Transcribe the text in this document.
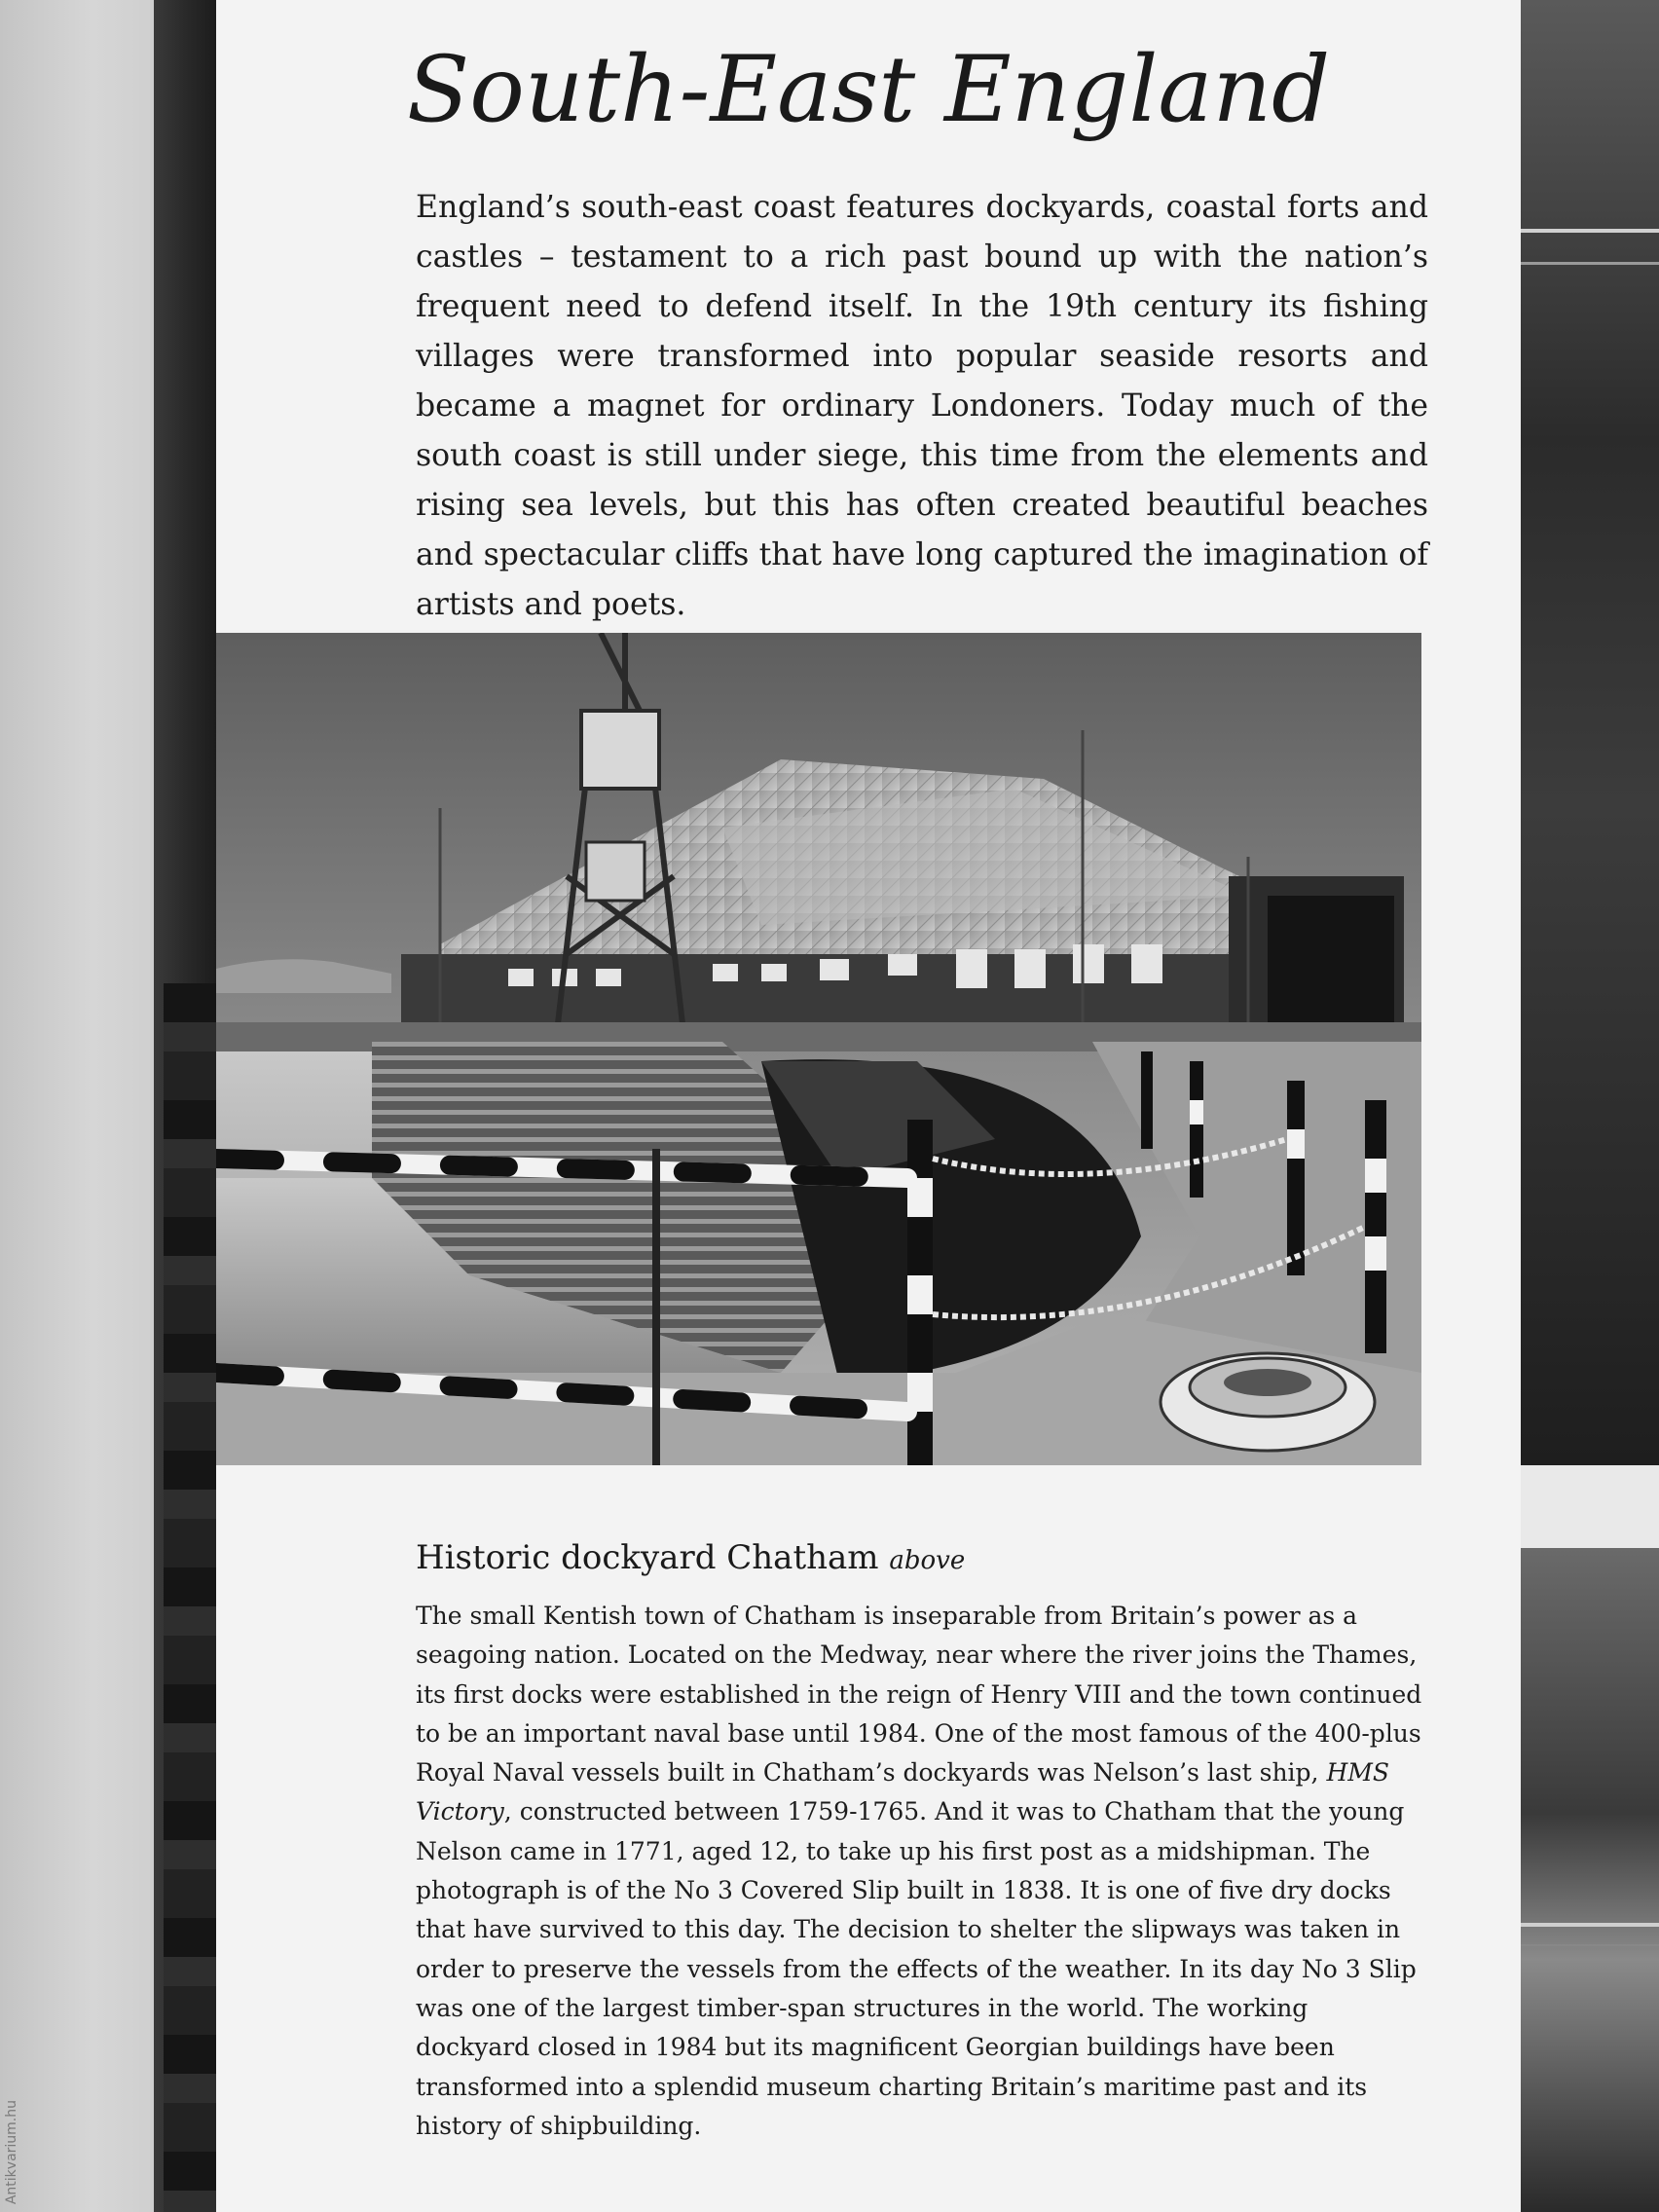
Antikvarium.hu
South-East England

England’s south-east coast features dockyards, coastal forts and castles – testament to a rich past bound up with the nation’s frequent need to defend itself. In the 19th century its fishing villages were transformed into popular seaside resorts and became a magnet for ordinary Londoners. Today much of the south coast is still under siege, this time from the elements and rising sea levels, but this has often created beautiful beaches and spectacular cliffs that have long captured the imagination of artists and poets.

Historic dockyard Chatham above

The small Kentish town of Chatham is inseparable from Britain’s power as a seagoing nation. Located on the Medway, near where the river joins the Thames, its first docks were established in the reign of Henry VIII and the town continued to be an important naval base until 1984. One of the most famous of the 400-plus Royal Naval vessels built in Chatham’s dockyards was Nelson’s last ship, HMS Victory, constructed between 1759-1765. And it was to Chatham that the young Nelson came in 1771, aged 12, to take up his first post as a midshipman. The photograph is of the No 3 Covered Slip built in 1838. It is one of five dry docks that have survived to this day. The decision to shelter the slipways was taken in order to preserve the vessels from the effects of the weather. In its day No 3 Slip was one of the largest timber-span structures in the world. The working dockyard closed in 1984 but its magnificent Georgian buildings have been transformed into a splendid museum charting Britain’s maritime past and its history of shipbuilding.
